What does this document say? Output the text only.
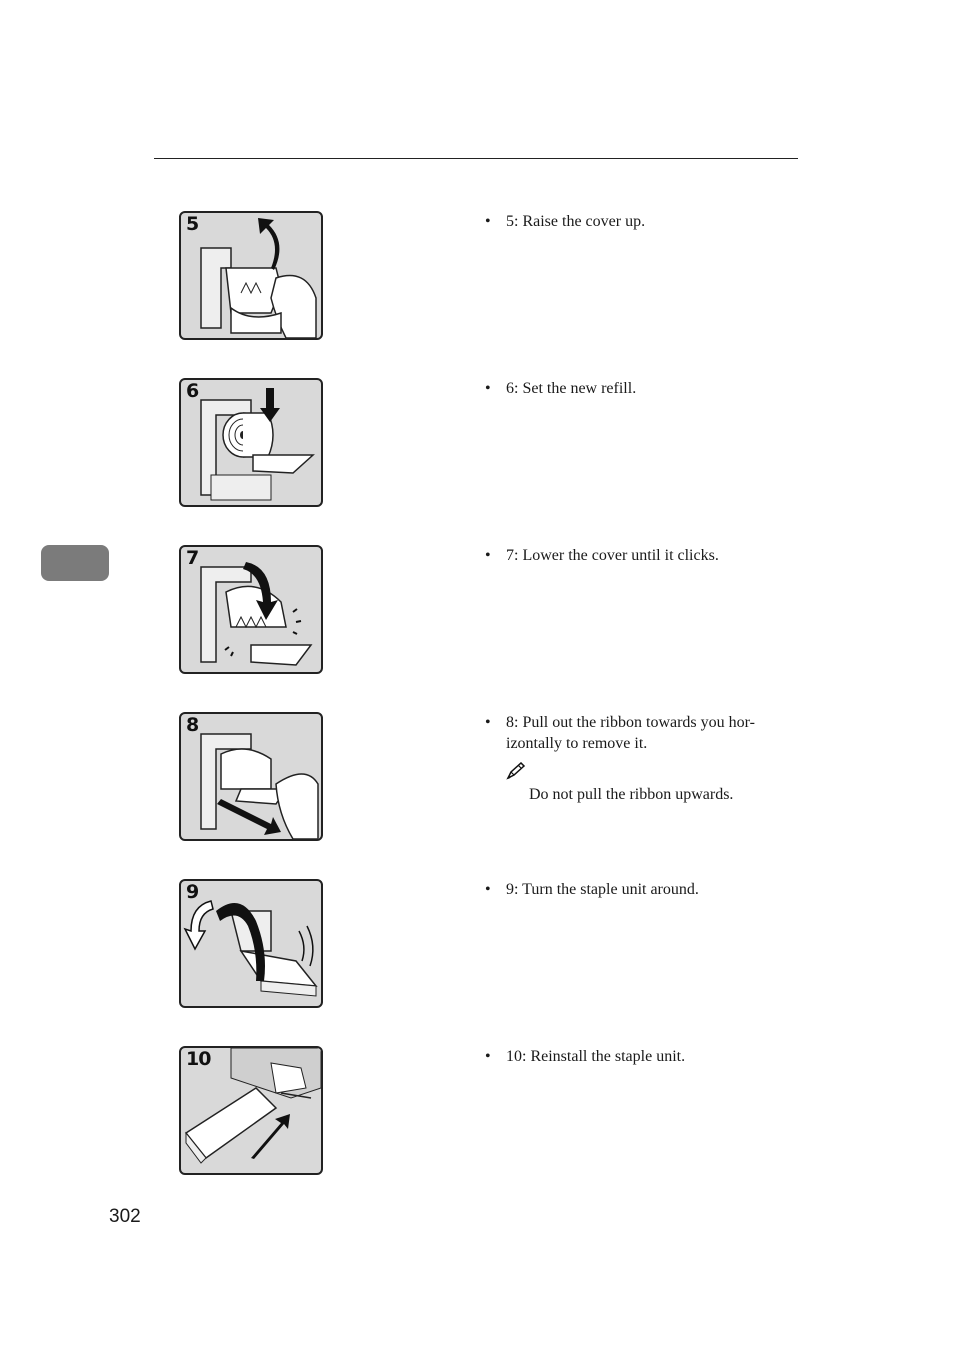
5	• 5: Raise the cover up.
6	• 6: Set the new refill.
7	• 7: Lower the cover until it clicks.
8	• 8: Pull out the ribbon towards you hor-izontally to remove it.
Do not pull the ribbon upwards.
9	• 9: Turn the staple unit around.
10	• 10: Reinstall the staple unit.
302
